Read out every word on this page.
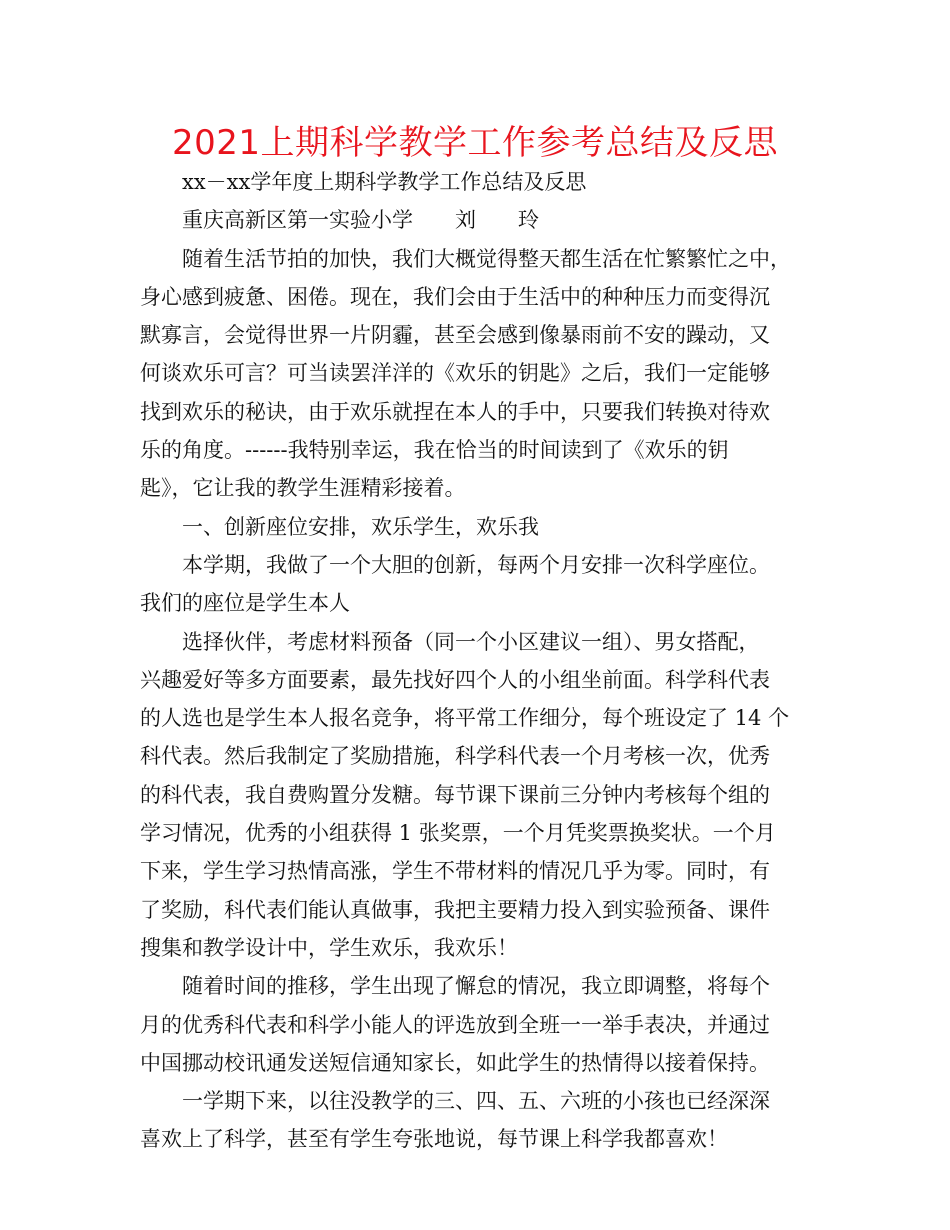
2021上期科学教学工作参考总结及反思

xx－xx学年度上期科学教学工作总结及反思

重庆高新区第一实验小学　　刘　　玲

随着生活节拍的加快，我们大概觉得整天都生活在忙繁繁忙之中，
身心感到疲惫、困倦。现在，我们会由于生活中的种种压力而变得沉
默寡言，会觉得世界一片阴霾，甚至会感到像暴雨前不安的躁动，又
何谈欢乐可言？可当读罢洋洋的《欢乐的钥匙》之后，我们一定能够
找到欢乐的秘诀，由于欢乐就捏在本人的手中，只要我们转换对待欢
乐的角度。------我特别幸运，我在恰当的时间读到了《欢乐的钥
匙》，它让我的教学生涯精彩接着。

一、创新座位安排，欢乐学生，欢乐我

本学期，我做了一个大胆的创新，每两个月安排一次科学座位。
我们的座位是学生本人

选择伙伴，考虑材料预备（同一个小区建议一组）、男女搭配，
兴趣爱好等多方面要素，最先找好四个人的小组坐前面。科学科代表
的人选也是学生本人报名竞争，将平常工作细分，每个班设定了 14 个
科代表。然后我制定了奖励措施，科学科代表一个月考核一次，优秀
的科代表，我自费购置分发糖。每节课下课前三分钟内考核每个组的
学习情况，优秀的小组获得 1 张奖票，一个月凭奖票换奖状。一个月
下来，学生学习热情高涨，学生不带材料的情况几乎为零。同时，有
了奖励，科代表们能认真做事，我把主要精力投入到实验预备、课件
搜集和教学设计中，学生欢乐，我欢乐！

随着时间的推移，学生出现了懈怠的情况，我立即调整，将每个
月的优秀科代表和科学小能人的评选放到全班一一举手表决，并通过
中国挪动校讯通发送短信通知家长，如此学生的热情得以接着保持。

一学期下来，以往没教学的三、四、五、六班的小孩也已经深深
喜欢上了科学，甚至有学生夸张地说，每节课上科学我都喜欢！
